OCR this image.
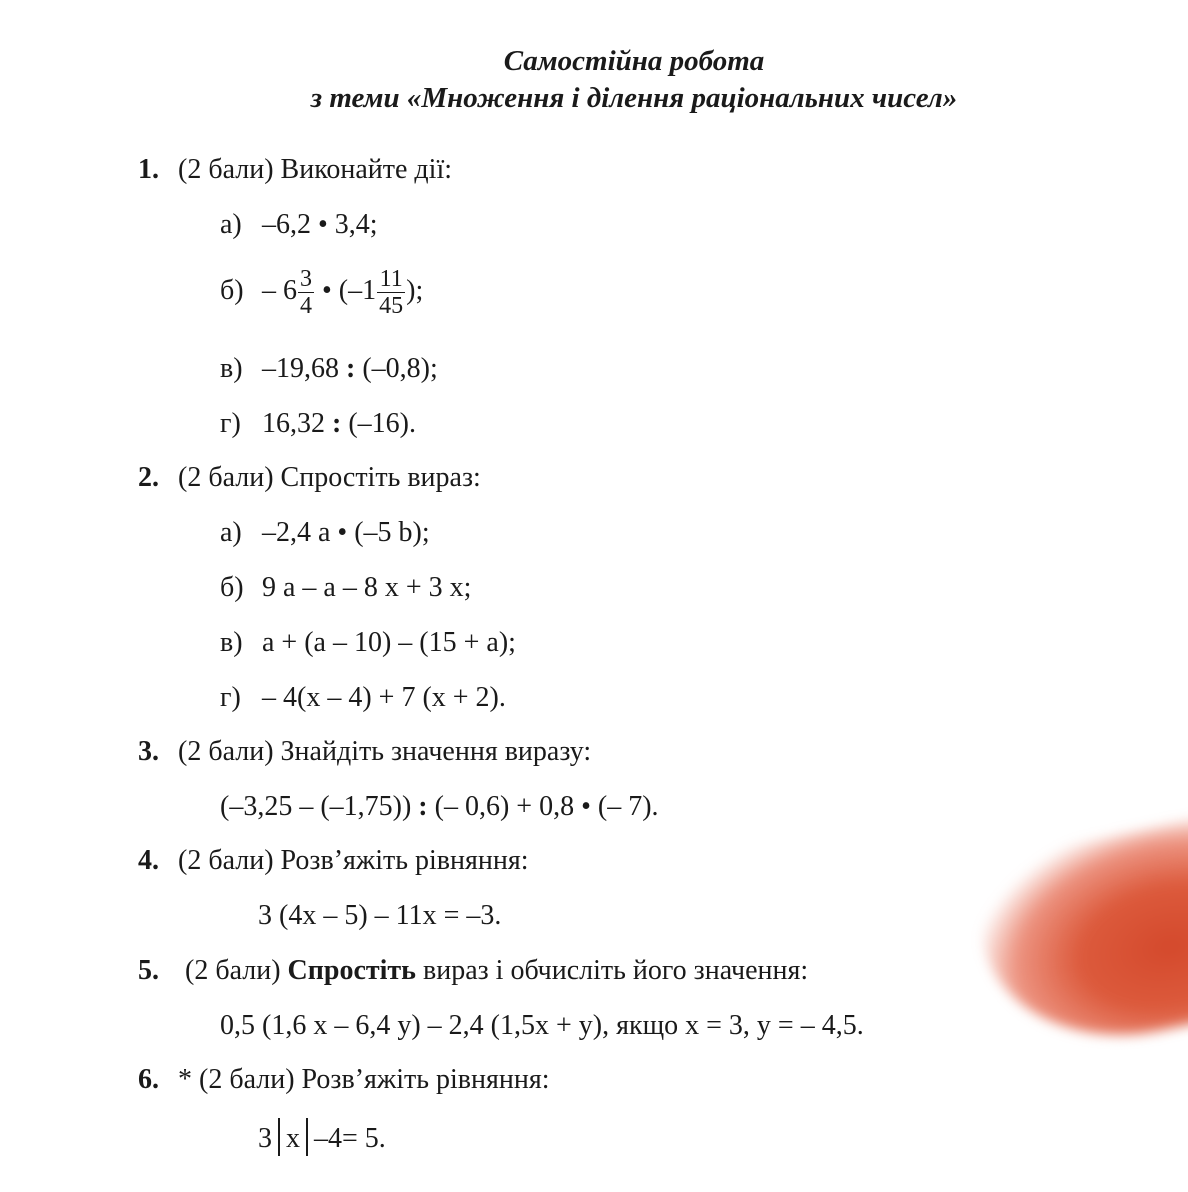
Самостійна робота
з теми «Множення і ділення раціональних чисел»
1. (2 бали) Виконайте дії:
а) –6,2 • 3,4;
$б) - 6 \frac{3}{4}$ • ($-1 \frac{11}{45}$ );
в) –19,68 : (–0,8);
г) 16,32 : (–16).
2. (2 бали) Спростіть вираз:
а) –2,4 a • (–5 b);
б) 9 a – a – 8 x + 3 x;
в) a + (a – 10) – (15 + a);
г) – 4(x – 4) + 7 (x + 2).
3. (2 бали) Знайдіть значення виразу:
(–3,25 – (–1,75)) : (– 0,6) + 0,8 • (– 7).
4. (2 бали) Розв’яжіть рівняння:
3 (4x – 5) – 11x = –3.
5. (2 бали) Спростіть вираз і обчисліть його значення:
0,5 (1,6 x – 6,4 y) – 2,4 (1,5x + y), якщо x = 3, y = – 4,5.
6. * (2 бали) Розв’яжіть рівняння:
3 x –4= 5.
